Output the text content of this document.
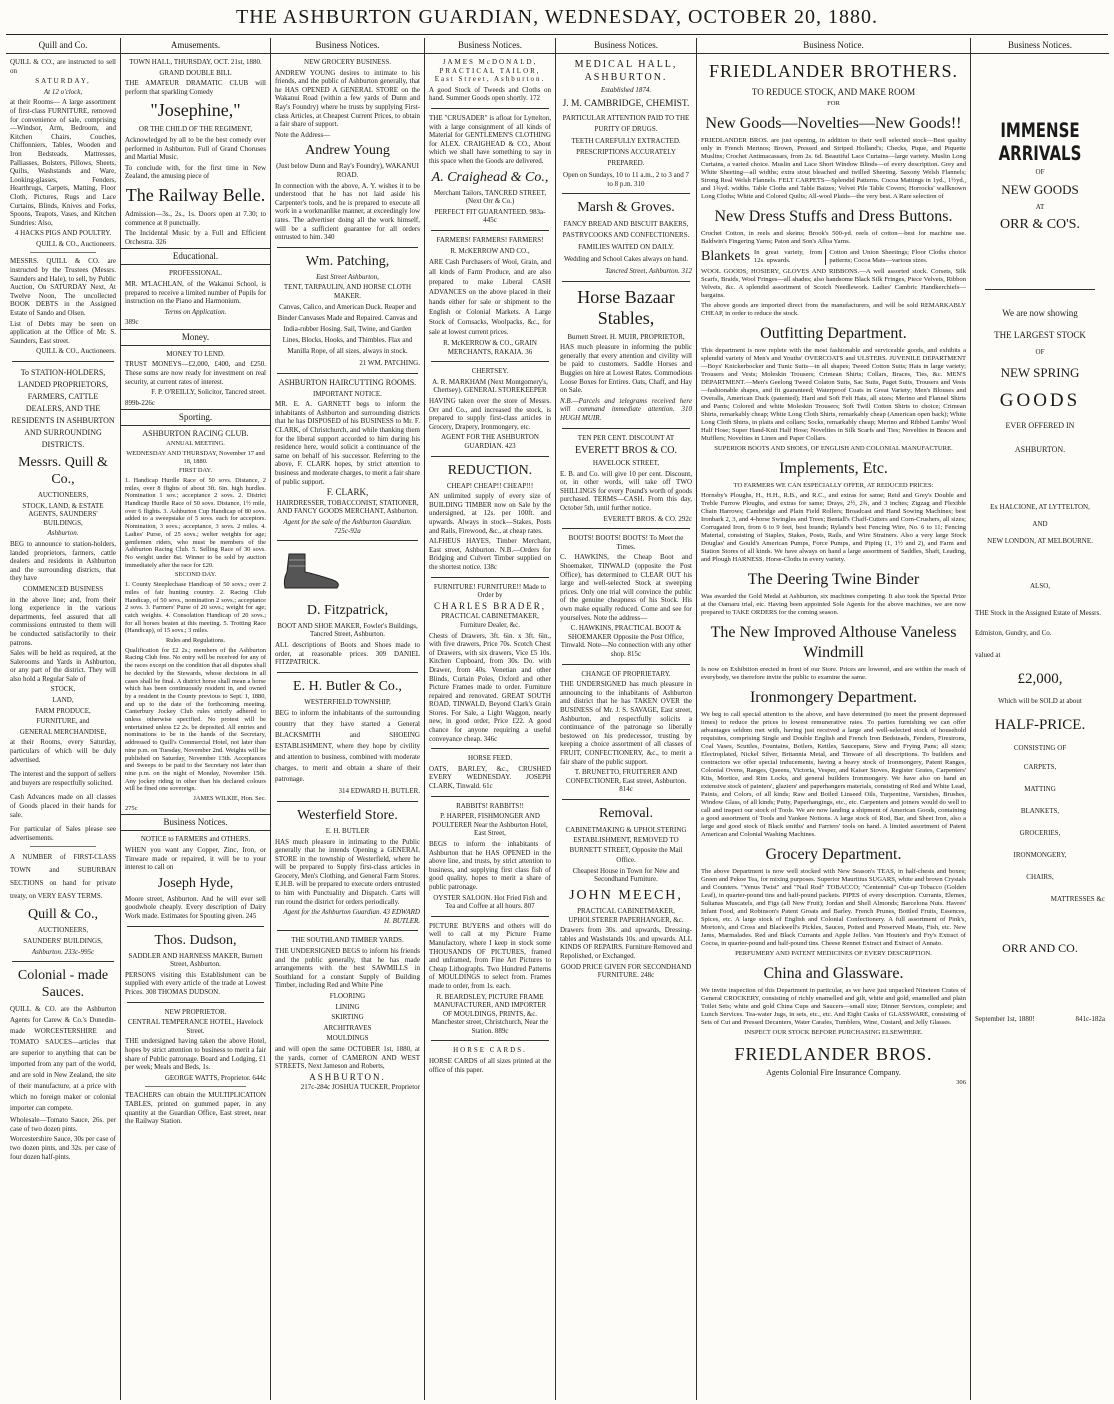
THE ASHBURTON GUARDIAN, WEDNESDAY, OCTOBER 20, 1880.
Quill and Co.

QUILL & CO., are instructed to sell on

SATURDAY,

At 12 o'clock,

at their Rooms— A large assortment of first-class FURNITURE, removed for convenience of sale, comprising—Windsor, Arm, Bedroom, and Kitchen Chairs, Couches, Chiffonniers, Tables, Wooden and Iron Bedsteads, Mattresses, Palliasses, Bolsters, Pillows, Sheets, Quilts, Washstands and Ware, Looking-glasses, Fenders, Hearthrugs, Carpets, Matting, Floor Cloth, Pictures, Rugs and Lace Curtains, Blinds, Knives and Forks, Spoons, Teapots, Vases, and Kitchen Sundries: Also,

4 HACKS PIGS AND POULTRY.

QUILL & CO., Auctioneers.

MESSRS. QUILL & CO. are instructed by the Trustees (Messrs. Saunders and Hale), to sell, by Public Auction, On SATURDAY Next, At Twelve Noon, The uncollected BOOK DEBTS in the Assigned Estate of Sando and Olsen.

List of Debts may be seen on application at the Office of Mr. S. Saunders, East street.

QUILL & CO., Auctioneers.

To STATION-HOLDERS, LANDED PROPRIETORS, FARMERS, CATTLE DEALERS, AND THE RESIDENTS IN ASHBURTON AND SURROUNDING DISTRICTS.

Messrs. Quill & Co.,

AUCTIONEERS,

STOCK, LAND, & ESTATE AGENTS, SAUNDERS' BUILDINGS,

Ashburton.

BEG to announce to station-holders, landed proprietors, farmers, cattle dealers and residents in Ashburton and the surrounding districts, that they have

COMMENCED BUSINESS

in the above line; and, from their long experience in the various departments, feel assured that all commissions entrusted to them will be conducted satisfactorily to their patrons.

Sales will be held as required, at the Salerooms and Yards in Ashburton, or any part of the district. They will also hold a Regular Sale of

STOCK,

LAND,

FARM PRODUCE,

FURNITURE, and

GENERAL MERCHANDISE,

at their Rooms, every Saturday, particulars of which will be duly advertised.

The interest and the support of sellers and buyers are respectfully solicited.

Cash Advances made on all classes of Goods placed in their hands for sale.

For particular of Sales please see advertisements.

A NUMBER of FIRST-CLASS TOWN and SUBURBAN SECTIONS on hand for private treaty, on VERY EASY TERMS.

Quill & Co.,

AUCTIONEERS,

SAUNDERS' BUILDINGS,

Ashburton. 233c-995c

Colonial - made Sauces.

QUILL & CO. are the Ashburton Agents for Carew & Co.'s Dunedin-made WORCESTERSHIRE and TOMATO SAUCES—articles that are superior to anything that can be imported from any part of the world, and are sold in New Zealand, the site of their manufacture, at a price with which no foreign maker or colonial importer can compete.

Wholesale—Tomato Sauce, 26s. per case of two dozen pints.

Worcestershire Sauce, 30s per case of two dozen pints, and 32s. per case of four dozen half-pints.

Amusements.

TOWN HALL, THURSDAY, OCT. 21st, 1880.

GRAND DOUBLE BILL

THE AMATEUR DRAMATIC CLUB will perform that sparkling Comedy

"Josephine,"

OR THE CHILD OF THE REGIMENT,

Acknowledged by all to be the best comedy ever performed in Ashburton. Full of Grand Choruses and Martial Music.

To conclude with, for the first time in New Zealand, the amusing piece of

The Railway Belle.

Admission—3s., 2s., 1s. Doors open at 7.30; to commence at 8 punctually.

The Incidental Music by a Full and Efficient Orchestra. 326

Educational.

PROFESSIONAL.

MR. M'LACHLAN, of the Wakanui School, is prepared to receive a limited number of Pupils for instruction on the Piano and Harmonium.

Terms on Application.

389c

Money.

MONEY TO LEND.

TRUST MONEYS—£2,000, £400, and £250. These sums are now ready for investment on real security, at current rates of interest.

F. P. O'REILLY, Solicitor, Tancred street.

899b-226c

Sporting.

ASHBURTON RACING CLUB.

ANNUAL MEETING.

WEDNESDAY AND THURSDAY, November 17 and 18, 1880.

FIRST DAY.

1. Handicap Hurdle Race of 50 sovs. Distance, 2 miles, over 8 flights of about 3ft. 6in. high hurdles. Nomination 1 sov.; acceptance 2 sovs. 2. District Handicap Hurdle Race of 50 sovs. Distance, 1½ mile, over 6 flights. 3. Ashburton Cup Handicap of 80 sovs. added to a sweepstake of 5 sovs. each for acceptors. Nomination, 3 sovs.; acceptance, 3 sovs. 2 miles. 4. Ladies' Purse, of 25 sovs.; welter weights for age; gentlemen riders, who must be members of the Ashburton Racing Club. 5. Selling Race of 30 sovs. No weight under 8st. Winner to be sold by auction immediately after the race for £20.

SECOND DAY.

1. County Steeplechase Handicap of 50 sovs.; over 2 miles of fair hunting country. 2. Racing Club Handicap, of 50 sovs., nomination 2 sovs.; acceptance 2 sovs. 3. Farmers' Purse of 20 sovs.; weight for age; catch weights. 4. Consolation Handicap of 20 sovs.; for all horses beaten at this meeting. 5. Trotting Race (Handicap), of 15 sovs.; 3 miles.

Rules and Regulations.

Qualification for £2 2s.; members of the Ashburton Racing Club free. No entry will be received for any of the races except on the condition that all disputes shall be decided by the Stewards, whose decisions in all cases shall be final. A district horse shall mean a horse which has been continuously resident in, and owned by a resident in the County previous to Sept. 1, 1880, and up to the date of the forthcoming meeting. Canterbury Jockey Club rules strictly adhered to unless otherwise specified. No protest will be entertained unless £2 2s. be deposited. All entries and nominations to be in the hands of the Secretary, addressed to Quill's Commercial Hotel, not later than nine p.m. on Tuesday, November 2nd. Weights will be published on Saturday, November 13th. Acceptances and Sweeps to be paid to the Secretary not later than nine p.m. on the night of Monday, November 15th. Any jockey riding in other than his declared colours will be fined one sovereign.

JAMES WILKIE, Hon. Sec.

275c

Business Notices.

NOTICE to FARMERS and OTHERS.

WHEN you want any Copper, Zinc, Iron, or Tinware made or repaired, it will be to your interest to call on

Joseph Hyde,

Moore street, Ashburton. And he will ever sell goodwhole cheaply. Every description of Dairy Work made. Estimates for Spouting given. 245

Thos. Dudson,

SADDLER AND HARNESS MAKER, Burnett Street, Ashburton.

PERSONS visiting this Establishment can be supplied with every article of the trade at Lowest Prices. 308 THOMAS DUDSON.

NEW PROPRIETOR.

CENTRAL TEMPERANCE HOTEL, Havelock Street.

THE undersigned having taken the above Hotel, hopes by strict attention to business to merit a fair share of Public patronage. Board and Lodging, £1 per week; Meals and Beds, 1s.

GEORGE WATTS, Proprietor. 644c

TEACHERS can obtain the MULTIPLICATION TABLES, printed on gummed paper, in any quantity at the Guardian Office, East street, near the Railway Station.

Business Notices.

NEW GROCERY BUSINESS.

ANDREW YOUNG desires to intimate to his friends, and the public of Ashburton generally, that he HAS OPENED A GENERAL STORE on the Wakanui Road (within a few yards of Dunn and Ray's Foundry) where he trusts by supplying First-class Articles, at Cheapest Current Prices, to obtain a fair share of support.

Note the Address—

Andrew Young

(Just below Dunn and Ray's Foundry), WAKANUI ROAD.

In connection with the above, A. Y. wishes it to be understood that he has not laid aside his Carpenter's tools, and he is prepared to execute all work in a workmanlike manner, at exceedingly low rates. The advertiser doing all the work himself, will be a sufficient guarantee for all orders entrusted to him. 340

Wm. Patching,

East Street Ashburton,

TENT, TARPAULIN, AND HORSE CLOTH MAKER.

Canvas, Calico, and American Duck. Reaper and Binder Canvases Made and Repaired. Canvas and India-rubber Hosing. Sail, Twine, and Garden Lines, Blocks, Hooks, and Thimbles. Flax and Manilla Rope, of all sizes, always in stock.

21 WM. PATCHING.

ASHBURTON HAIRCUTTING ROOMS.

IMPORTANT NOTICE.

MR. E. A. GARNETT begs to inform the inhabitants of Ashburton and surrounding districts that he has DISPOSED of his BUSINESS to Mr. F. CLARK, of Christchurch, and while thanking them for the liberal support accorded to him during his residence here, would solicit a continuance of the same on behalf of his successor. Referring to the above, F. CLARK hopes, by strict attention to business and moderate charges, to merit a fair share of public support.

F. CLARK,

HAIRDRESSER, TOBACCONIST, STATIONER, AND FANCY GOODS MERCHANT, Ashburton.

Agent for the sale of the Ashburton Guardian. 725c-92a

D. Fitzpatrick,

BOOT AND SHOE MAKER, Fowler's Buildings, Tancred Street, Ashburton.

ALL descriptions of Boots and Shoes made to order, at reasonable prices. 309 DANIEL FITZPATRICK.

E. H. Butler & Co.,

WESTERFIELD TOWNSHIP,

BEG to inform the inhabitants of the surrounding country that they have started a General BLACKSMITH and SHOEING ESTABLISHMENT, where they hope by civility and attention to business, combined with moderate charges, to merit and obtain a share of their patronage.

314 EDWARD H. BUTLER.

Westerfield Store.

E. H. BUTLER

HAS much pleasure in intimating to the Public generally that he intends Opening a GENERAL STORE in the township of Westerfield, where he will be prepared to Supply first-class articles in Grocery, Men's Clothing, and General Farm Stores. E.H.B. will be prepared to execute orders entrusted to him with Punctuality and Dispatch. Carts will run round the district for orders periodically.

Agent for the Ashburton Guardian. 43 EDWARD H. BUTLER.

THE SOUTHLAND TIMBER YARDS.

THE UNDERSIGNED BEGS to inform his friends and the public generally, that he has made arrangements with the best SAWMILLS in Southland for a constant Supply of Building Timber, including Red and White Pine

FLOORING

LINING

SKIRTING

ARCHITRAVES

MOULDINGS

and will open the same OCTOBER 1st, 1880, at the yards, corner of CAMERON AND WEST STREETS, Next Jameson and Roberts,

ASHBURTON.

217c-284c JOSHUA TUCKER, Proprietor

Business Notices.

JAMES McDONALD, PRACTICAL TAILOR, East Street, Ashburton.

A good Stock of Tweeds and Cloths on hand. Summer Goods open shortly. 172

THE "CRUSADER" is afloat for Lyttelton, with a large consignment of all kinds of Material for GENTLEMEN'S CLOTHING for ALEX. CRAIGHEAD & CO., About which we shall have something to say in this space when the Goods are delivered.

A. Craighead & Co.,

Merchant Tailors, TANCRED STREET, (Next Orr & Co.)

PERFECT FIT GUARANTEED. 983a-445c

FARMERS! FARMERS! FARMERS!

R. McKERROW AND CO.,

ARE Cash Purchasers of Wool, Grain, and all kinds of Farm Produce, and are also prepared to make Liberal CASH ADVANCES on the above placed in their hands either for sale or shipment to the English or Colonial Markets. A Large Stock of Cornsacks, Woolpacks, &c., for sale at lowest current prices.

R. McKERROW & CO., GRAIN MERCHANTS, RAKAIA. 36

CHERTSEY.

A. R. MARKHAM (Next Montgomery's, Chertsey). GENERAL STOREKEEPER

HAVING taken over the store of Messrs. Orr and Co., and increased the stock, is prepared to supply first-class articles in Grocery, Drapery, Ironmongery, etc.

AGENT FOR THE ASHBURTON GUARDIAN. 423

REDUCTION.

CHEAP! CHEAP!! CHEAP!!!

AN unlimited supply of every size of BUILDING TIMBER now on Sale by the undersigned, at 12s. per 100ft. and upwards. Always in stock—Stakes, Posts and Rails, Firewood, &c., at cheap rates.

ALFHEUS HAYES, Timber Merchant, East street, Ashburton. N.B.—Orders for Bridging and Culvert Timber supplied on the shortest notice. 138c

FURNITURE! FURNITURE!! Made to Order by

CHARLES BRADER,

PRACTICAL CABINETMAKER, Furniture Dealer, &c.

Chests of Drawers, 3ft. 6in. x 3ft. 6in., with five drawers, Price 70s. Scotch Chest of Drawers, with six drawers, Vice £5 10s. Kitchen Cupboard, from 30s. Do. with Drawer, from 40s. Venetian and other Blinds, Curtain Poles, Oxford and other Picture Frames made to order. Furniture repaired and renovated. GREAT SOUTH ROAD, TINWALD, Beyond Clark's Grain Stores. For Sale, a Light Waggon, nearly new, in good order, Price £22. A good chance for anyone requiring a useful conveyance cheap. 346c

HORSE FEED.

OATS, BARLEY, &c., CRUSHED EVERY WEDNESDAY. JOSEPH CLARK, Tinwald. 61c

RABBITS! RABBITS!!

P. HARPER, FISHMONGER AND POULTERER Near the Ashburton Hotel, East Street,

BEGS to inform the inhabitants of Ashburton that he HAS OPENED in the above line, and trusts, by strict attention to business, and supplying first class fish of good quality, hopes to merit a share of public patronage.

OYSTER SALOON. Hot Fried Fish and Tea and Coffee at all hours. 807

PICTURE BUYERS and others will do well to call at my Picture Frame Manufactory, where I keep in stock some THOUSANDS OF PICTURES, framed and unframed, from Fine Art Pictures to Cheap Lithographs. Two Hundred Patterns of MOULDINGS to select from. Frames made to order, from 1s. each.

R. BEARDSLEY, PICTURE FRAME MANUFACTURER, AND IMPORTER OF MOULDINGS, PRINTS, &c. Manchester street, Christchurch, Near the Station. 889c

HORSE CARDS.

HORSE CARDS of all sizes printed at the office of this paper.

Business Notices.

MEDICAL HALL, ASHBURTON.

Established 1874.

J. M. CAMBRIDGE, CHEMIST.

PARTICULAR ATTENTION PAID TO THE PURITY OF DRUGS.

TEETH CAREFULLY EXTRACTED.

PRESCRIPTIONS ACCURATELY PREPARED.

Open on Sundays, 10 to 11 a.m., 2 to 3 and 7 to 8 p.m. 310

Marsh & Groves.

FANCY BREAD AND BISCUIT BAKERS, PASTRYCOOKS AND CONFECTIONERS.

FAMILIES WAITED ON DAILY.

Wedding and School Cakes always on hand.

Tancred Street, Ashburton. 312

Horse Bazaar Stables,

Burnett Street. H. MUIR, PROPRIETOR,

HAS much pleasure in informing the public generally that every attention and civility will be paid to customers. Saddle Horses and Buggies on hire at Lowest Rates. Commodious Loose Boxes for Entires. Oats, Chaff, and Hay on Sale.

N.B.—Parcels and telegrams received here will command immediate attention. 310 HUGH MUIR.

TEN PER CENT. DISCOUNT AT

EVERETT BROS & CO.

HAVELOCK STREET,

E. B. and Co. will give 10 per cent. Discount, or, in other words, will take off TWO SHILLINGS for every Pound's worth of goods purchased. TERMS—CASH. From this day, October 5th, until further notice.

EVERETT BROS. & CO. 292c

BOOTS! BOOTS! BOOTS! To Meet the Times.

C. HAWKINS, the Cheap Boot and Shoemaker, TINWALD (opposite the Post Office), has determined to CLEAR OUT his large and well-selected Stock at sweeping prices. Only one trial will convince the public of the genuine cheapness of his Stock. His own make equally reduced. Come and see for yourselves. Note the address—

C. HAWKINS, PRACTICAL BOOT & SHOEMAKER Opposite the Post Office, Tinwald. Note—No connection with any other shop. 815c

CHANGE OF PROPRIETARY.

THE UNDERSIGNED has much pleasure in announcing to the inhabitants of Ashburton and district that he has TAKEN OVER the BUSINESS of Mr. J. S. SAVAGE, East street, Ashburton, and respectfully solicits a continuance of the patronage so liberally bestowed on his predecessor, trusting by keeping a choice assortment of all classes of FRUIT, CONFECTIONERY, &c., to merit a fair share of the public support.

T. BRUNETTO, FRUITERER AND CONFECTIONER, East street, Ashburton. 814c

Removal.

CABINETMAKING & UPHOLSTERING ESTABLISHMENT, REMOVED TO BURNETT STREET, Opposite the Mail Office.

Cheapest House in Town for New and Secondhand Furniture.

JOHN MEECH,

PRACTICAL CABINETMAKER, UPHOLSTERER PAPERHANGER, &c.

Drawers from 30s. and upwards, Dressing-tables and Washstands 10s. and upwards. ALL KINDS OF REPAIRS. Furniture Removed and Repolished, or Exchanged.

GOOD PRICE GIVEN FOR SECONDHAND FURNITURE. 248c

Business Notice.
FRIEDLANDER BROTHERS.

TO REDUCE STOCK, AND MAKE ROOM

FOR

New Goods—Novelties—New Goods!!

FRIEDLANDER BROS. are just opening, in addition to their well selected stock—Best quality only in French Merinos; Brown, Pressed and Striped Holland's; Checks, Pique, and Piquette Muslins; Crochet Antimacassars, from 2s. 6d. Beautiful Lace Curtains—large variety. Muslin Long Curtains, a varied choice. Muslin and Lace Short Window Blinds—of every description. Grey and White Sheeting—all widths; extra stout bleached and twilled Sheeting. Saxony Welsh Flannels; Strong Real Welsh Flannels. FELT CARPETS—Splendid Patterns. Cocoa Mattings in 1yd., 1½yd., and 1¾yd. widths. Table Cloths and Table Baizes; Velvet Pile Table Covers; Horrocks' wallknown Long Cloths; White and Colored Quilts; All-wool Plaids—the very best. A Rare selection of

New Dress Stuffs and Dress Buttons.

Crochet Cotton, in reels and skeins; Brook's 500-yd. reels of cotton—best for machine use. Baldwin's Fingering Yarns; Paton and Son's Alloa Yarns.

Blankets In great variety, from 12s. upwards.
Cotton and Union Sheetings; Floor Cloths choice patterns; Cocoa Mats—various sizes.

WOOL GOODS, HOSIERY, GLOVES AND RIBBONS.—A well assorted stock. Corsets, Silk Scarfs, Braids, Wool Fringes—all shades; also handsome Black Silk Fringes, Piece Velvets, Ribbon Velvets, &c. A splendid assortment of Scotch Needlework. Ladies' Cambric Handkerchiefs—bargains.

The above goods are imported direct from the manufacturers, and will be sold REMARKABLY CHEAP, in order to reduce the stock.

Outfitting Department.

This department is now replete with the most fashionable and serviceable goods, and exhibits a splendid variety of Men's and Youths' OVERCOATS and ULSTERS. JUVENILE DEPARTMENT—Boys' Knickerbocker and Tunic Suits—in all shapes; Tweed Cotton Suits; Hats in large variety; Trousers and Vests; Moleskin Trousers; Crimean Shirts; Collars, Braces, Ties, &c. MEN'S DEPARTMENT.—Men's Geelong Tweed Colaton Suits, Sac Suits, Paget Suits, Trousers and Vests—fashionable shapes, and fit guaranteed; Waterproof Coats in Great Variety; Men's Blouses and Overalls, American Duck (patented); Hard and Soft Felt Hats, all sizes; Merino and Flannel Shirts and Pants; Colored and white Moleskin Trousers; Soft Twill Cotton Shirts to choice; Crimean Shirts, remarkably cheap; White Long Cloth Shirts, remarkably cheap (American open back); White Long Cloth Shirts, in plaits and collars; Socks, remarkably cheap; Merino and Ribbed Lambs' Wool Half Hose; Super Hand-Knit Half Hose; Novelties in Silk Scarfs and Ties; Novelties in Braces and Mufflers; Novelties in Linen and Paper Collars.

SUPERIOR BOOTS AND SHOES, OF ENGLISH AND COLONIAL MANUFACTURE.

Implements, Etc.

TO FARMERS WE CAN ESPECIALLY OFFER, AT REDUCED PRICES:

Hornsby's Ploughs, H., H.H., R.B., and R.C., and extras for same; Reid and Grey's Double and Treble Furrow Ploughs, and extras for same; Drays, 2½, 2¾, and 3 inches; Zigzag and Flexible Chain Harrows; Cambridge and Plain Field Rollers; Broadcast and Hand Sowing Machines; best Ironbark 2, 3, and 4-horse Swingles and Trees; Bentall's Chaff-Cutters and Corn-Crushers, all sizes; Corrugated Iron, from 6 to 9 feet, best brands; Ryland's best Fencing Wire, No. 6 to 11; Fencing Material, consisting of Staples, Stakes, Posts, Rails, and Wire Strainers. Also a very large Stock Douglas' and Gould's American Pumps, Force Pumps, and Piping (1, 1½ and 2), and Farm and Station Stores of all kinds. We have always on hand a large assortment of Saddles, Shaft, Leading, and Plough HARNESS. Horse-Cloths in every variety.

The Deering Twine Binder

Was awarded the Gold Medal at Ashburton, six machines competing. It also took the Special Prize at the Oamaru trial, etc. Having been appointed Sole Agents for the above machines, we are now prepared to TAKE ORDERS for the coming season.

The New Improved Althouse Vaneless Windmill

Is now on Exhibition erected in front of our Store. Prices are lowered, and are within the reach of everybody, we therefore invite the public to examine the same.

Ironmongery Department.

We beg to call special attention to the above, and have determined (to meet the present depressed times) to reduce the prices to lowest remunerative rates. To parties furnishing we can offer advantages seldom met with, having just received a large and well-selected stock of household requisites, comprising Single and Double English and French Iron Bedsteads, Fenders, Firesirons, Coal Vases, Scuttles, Fountains, Boilers, Kettles, Saucepans, Stew and Frying Pans; all sizes; Electroplated, Nickel Silver, Britannia Metal, and Tinware of all descriptions. To builders and contractors we offer special inducements, having a heavy stock of Ironmongery, Patent Ranges, Colonial Ovens, Ranges, Queens, Victoria, Vesper, and Kaiser Stoves, Register Grates, Carpenters' Kits, Mortice, and Rim Locks, and general builders Ironmongery. We have also on hand an extensive stock of painters', glaziers' and paperhangers materials, consisting of Red and White Lead, Paints, and Colors, of all kinds; Raw and Boiled Linseed Oils, Turpentine, Varnishes, Brushes, Window Glass, of all kinds; Putty, Paperhangings, etc., etc. Carpenters and joiners would do well to call and inspect our stock of Tools. We are now landing a shipment of American Goods, containing a good assortment of Tools and Yankee Notions. A large stock of Rod, Bar, and Sheet Iron, also a large and good stock of Black smiths' and Farriers' tools on hand. A limited assortment of Patent American and Colonial Washing Machines.

Grocery Department.

The above Department is now well stocked with New Season's TEAS, in half-chests and boxes; Green and Pekoe Tea, for mixing purposes. Superior Mauritius SUGARS, white and brown Crystals and Counters. "Venus Twist" and "Nail Rod" TOBACCO; "Centennial" Cut-up Tobacco (Golden Leaf), in quarter-pound tins and half-pound packets. PIPES of every description. Currants, Elemes, Sultanas Muscatels, and Figs (all New Fruit); Jordan and Shell Almonds; Barcelona Nuts. Havres' Infant Food, and Robinson's Patent Groats and Barley. French Prunes, Bottled Fruits, Essences, Spices, etc. A large stock of English and Colonial Confectionery. A full assortment of Pink's, Morton's, and Cross and Blackwell's Pickles, Sauces, Potted and Preserved Meats, Fish, etc. New Jams, Marmalades. Red and Black Currants and Apple Jellies. Van Houten's and Fry's Extract of Cocoa, in quarter-pound and half-pound tins. Cheese Rennet Extract and Extract of Annato.

PERFUMERY AND PATENT MEDICINES OF EVERY DESCRIPTION.

China and Glassware.

We invite inspection of this Department in particular, as we have just unpacked Nineteen Crates of General CROCKERY, consisting of richly enamelled and gilt, white and gold, enamelled and plain Toilet Sets; white and gold China Cups and Saucers—small size; Dinner Services, complete; and Lunch Services. Tea-water Jugs, in sets, etc., etc. And Eight Casks of GLASSWARE, consisting of Sets of Cut and Pressed Decanters, Water Carafes, Tumblers, Wine, Custard, and Jelly Glasses.

INSPECT OUR STOCK BEFORE PURCHASING ELSEWHERE.

FRIEDLANDER BROS.

Agents Colonial Fire Insurance Company.

306

Business Notices.
IMMENSE ARRIVALS

OF

NEW GOODS

AT

ORR & CO'S.

We are now showing

THE LARGEST STOCK

OF

NEW SPRING

GOODS

EVER OFFERED IN

ASHBURTON.

Ex HALCIONE, AT LYTTELTON,

AND

NEW LONDON, AT MELBOURNE.

ALSO,

THE Stock in the Assigned Estate of Messrs. Edmiston, Gundry, and Co.

valued at

£2,000,

Which will be SOLD at about

HALF-PRICE.

CONSISTING OF

CARPETS,

MATTING

BLANKETS,

GROCERIES,

IRONMONGERY,

CHAIRS,

MATTRESSES &c

ORR AND CO.

September 1st, 1880!	841c-182a
